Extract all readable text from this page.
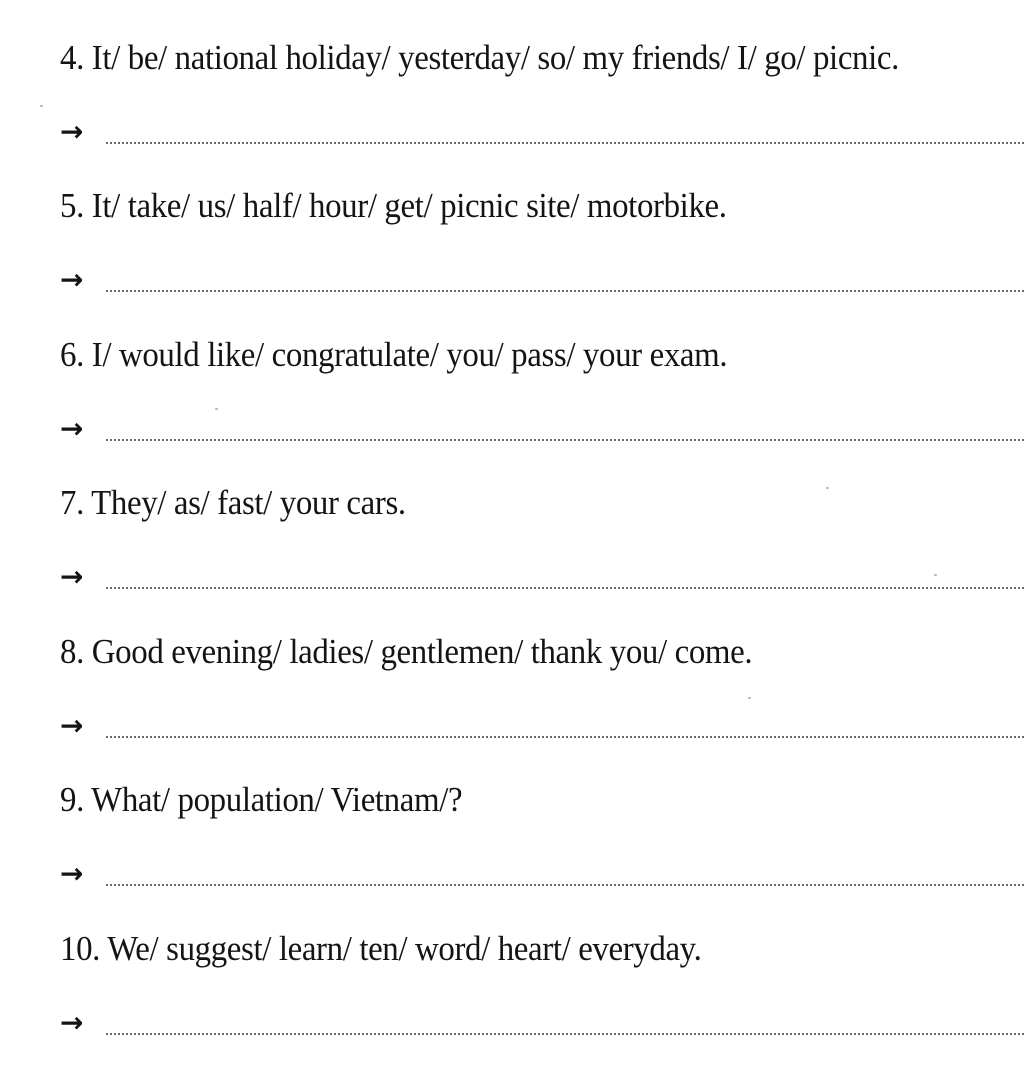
4. It/ be/ national holiday/ yesterday/ so/ my friends/ I/ go/ picnic.
→
5. It/ take/ us/ half/ hour/ get/ picnic site/ motorbike.
→
6. I/ would like/ congratulate/ you/ pass/ your exam.
→
7. They/ as/ fast/ your cars.
→
8. Good evening/ ladies/ gentlemen/ thank you/ come.
→
9. What/ population/ Vietnam/?
→
10. We/ suggest/ learn/ ten/ word/ heart/ everyday.
→
